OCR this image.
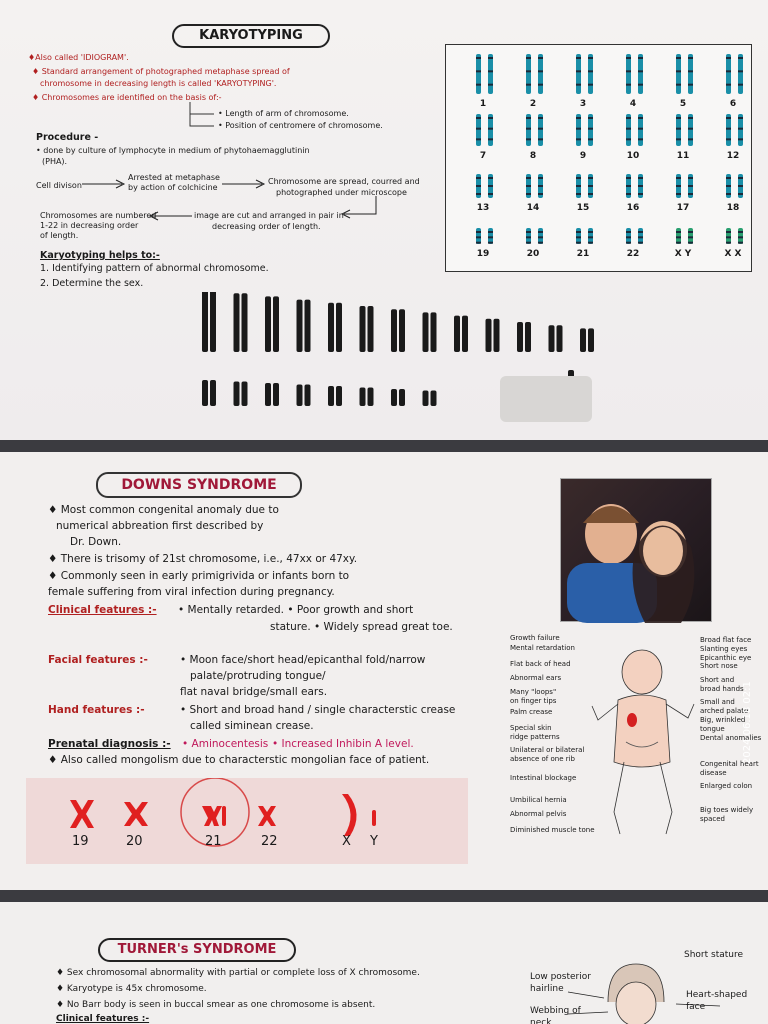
KARYOTYPING
♦Also called 'IDIOGRAM'.
♦ Standard arrangement of photographed metaphase spread of
chromosome in decreasing length is called 'KARYOTYPING'.
♦ Chromosomes are identified on the basis of:-
• Length of arm of chromosome.
• Position of centromere of chromosome.
Procedure -
• done by culture of lymphocyte in medium of phytohaemagglutinin
(PHA).
Cell divison
Arrested at metaphase
by action of colchicine
Chromosome are spread, courred and
photographed under microscope
image are cut and arranged in pair in
decreasing order of length.
Chromosomes are numbered
1-22 in decreasing order
of length.
Karyotyping helps to:-
1. Identifying pattern of abnormal chromosome.
2. Determine the sex.
1	2	3	4	5	6
7	8	9	10	11	12
13	14	15	16	17	18
19	20	21	22	X Y	X X
DOWNS SYNDROME
♦ Most common congenital anomaly due to
numerical abbreation first described by
Dr. Down.
♦ There is trisomy of 21st chromosome, i.e., 47xx or 47xy.
♦ Commonly seen in early primigrivida or infants born to
female suffering from viral infection during pregnancy.
Clinical features :- • Mentally retarded. • Poor growth and short
stature. • Widely spread great toe.
Facial features :-	• Moon face/short head/epicanthal fold/narrow
palate/protruding tongue/
flat naval bridge/small ears.
Hand features :-	• Short and broad hand / single characterstic crease
called siminean crease.
Prenatal diagnosis :- • Aminocentesis • Increased Inhibin A level.
♦ Also called mongolism due to characterstic mongolian face of patient.
19	20	21	22	X Y
Growth failure
Mental retardation
Flat back of head
Abnormal ears
Many "loops"
on finger tips
Palm crease
Special skin
ridge patterns
Unilateral or bilateral
absence of one rib
Intestinal blockage
Umbilical hernia
Abnormal pelvis
Diminished muscle tone
Broad flat face
Slanting eyes
Epicanthic eye
Short nose
Short and
broad hands
Small and
arched palate
Big, wrinkled
tongue
Dental anomalies
Congenital heart
disease
Enlarged colon
Big toes widely
spaced
2024.06.18 02:1
TURNER's SYNDROME
♦ Sex chromosomal abnormality with partial or complete loss of X chromosome.
♦ Karyotype is 45x chromosome.
♦ No Barr body is seen in buccal smear as one chromosome is absent.
Clinical features :-
Short stature
Low posterior
hairline
Webbing of
neck
Heart-shaped
face
